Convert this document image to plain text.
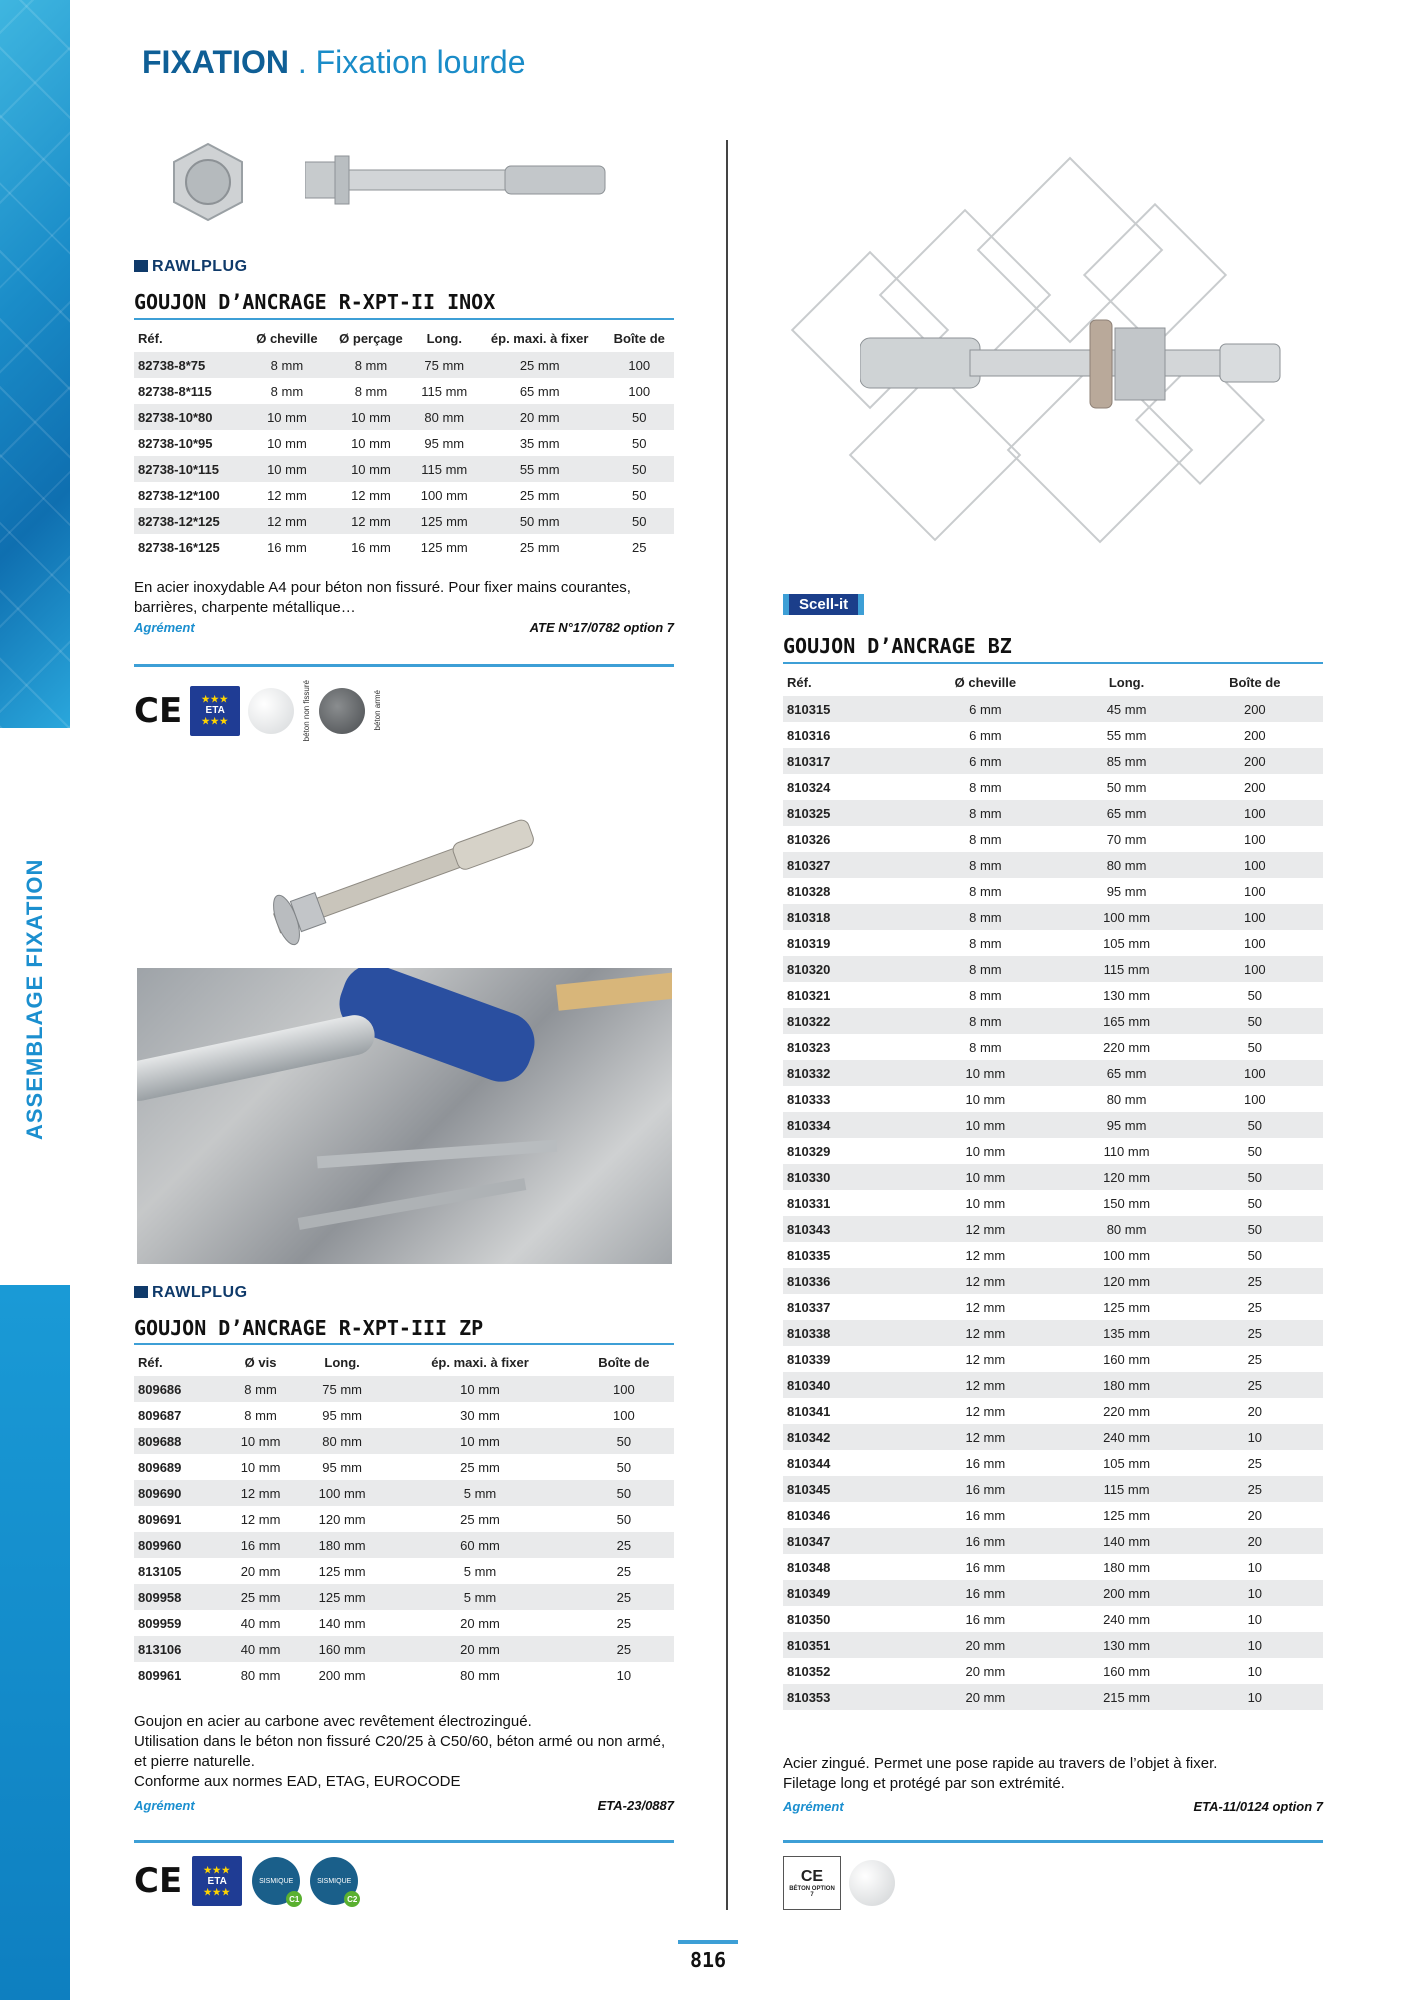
ASSEMBLAGE FIXATION
FIXATION . Fixation lourde
RAWLPLUG
GOUJON D’ANCRAGE R-XPT-II INOX
Réf.	Ø cheville	Ø perçage	Long.	ép. maxi. à fixer	Boîte de
82738-8*75	8 mm	8 mm	75 mm	25 mm	100
82738-8*115	8 mm	8 mm	115 mm	65 mm	100
82738-10*80	10 mm	10 mm	80 mm	20 mm	50
82738-10*95	10 mm	10 mm	95 mm	35 mm	50
82738-10*115	10 mm	10 mm	115 mm	55 mm	50
82738-12*100	12 mm	12 mm	100 mm	25 mm	50
82738-12*125	12 mm	12 mm	125 mm	50 mm	50
82738-16*125	16 mm	16 mm	125 mm	25 mm	25
En acier inoxydable A4 pour béton non fissuré. Pour fixer mains courantes, barrières, charpente métallique…
Agrément	ATE N°17/0782 option 7
CE ★★★
ETA
★★★	béton non fissuré	béton armé
RAWLPLUG
GOUJON D’ANCRAGE R-XPT-III ZP
Réf.	Ø vis	Long.	ép. maxi. à fixer	Boîte de
809686	8 mm	75 mm	10 mm	100
809687	8 mm	95 mm	30 mm	100
809688	10 mm	80 mm	10 mm	50
809689	10 mm	95 mm	25 mm	50
809690	12 mm	100 mm	5 mm	50
809691	12 mm	120 mm	25 mm	50
809960	16 mm	180 mm	60 mm	25
813105	20 mm	125 mm	5 mm	25
809958	25 mm	125 mm	5 mm	25
809959	40 mm	140 mm	20 mm	25
813106	40 mm	160 mm	20 mm	25
809961	80 mm	200 mm	80 mm	10
Goujon en acier au carbone avec revêtement électrozingué.
Utilisation dans le béton non fissuré C20/25 à C50/60, béton armé ou non armé, et pierre naturelle.
Conforme aux normes EAD, ETAG, EUROCODE
Agrément	ETA-23/0887
CE ★★★
ETA
★★★
SISMIQUE
C1
SISMIQUE
C2
Scell-it
GOUJON D’ANCRAGE BZ
Réf.	Ø cheville	Long.	Boîte de
810315	6 mm	45 mm	200
810316	6 mm	55 mm	200
810317	6 mm	85 mm	200
810324	8 mm	50 mm	200
810325	8 mm	65 mm	100
810326	8 mm	70 mm	100
810327	8 mm	80 mm	100
810328	8 mm	95 mm	100
810318	8 mm	100 mm	100
810319	8 mm	105 mm	100
810320	8 mm	115 mm	100
810321	8 mm	130 mm	50
810322	8 mm	165 mm	50
810323	8 mm	220 mm	50
810332	10 mm	65 mm	100
810333	10 mm	80 mm	100
810334	10 mm	95 mm	50
810329	10 mm	110 mm	50
810330	10 mm	120 mm	50
810331	10 mm	150 mm	50
810343	12 mm	80 mm	50
810335	12 mm	100 mm	50
810336	12 mm	120 mm	25
810337	12 mm	125 mm	25
810338	12 mm	135 mm	25
810339	12 mm	160 mm	25
810340	12 mm	180 mm	25
810341	12 mm	220 mm	20
810342	12 mm	240 mm	10
810344	16 mm	105 mm	25
810345	16 mm	115 mm	25
810346	16 mm	125 mm	20
810347	16 mm	140 mm	20
810348	16 mm	180 mm	10
810349	16 mm	200 mm	10
810350	16 mm	240 mm	10
810351	20 mm	130 mm	10
810352	20 mm	160 mm	10
810353	20 mm	215 mm	10
Acier zingué. Permet une pose rapide au travers de l’objet à fixer.
Filetage long et protégé par son extrémité.
Agrément	ETA-11/0124 option 7
CE
BÉTON OPTION 7
816
